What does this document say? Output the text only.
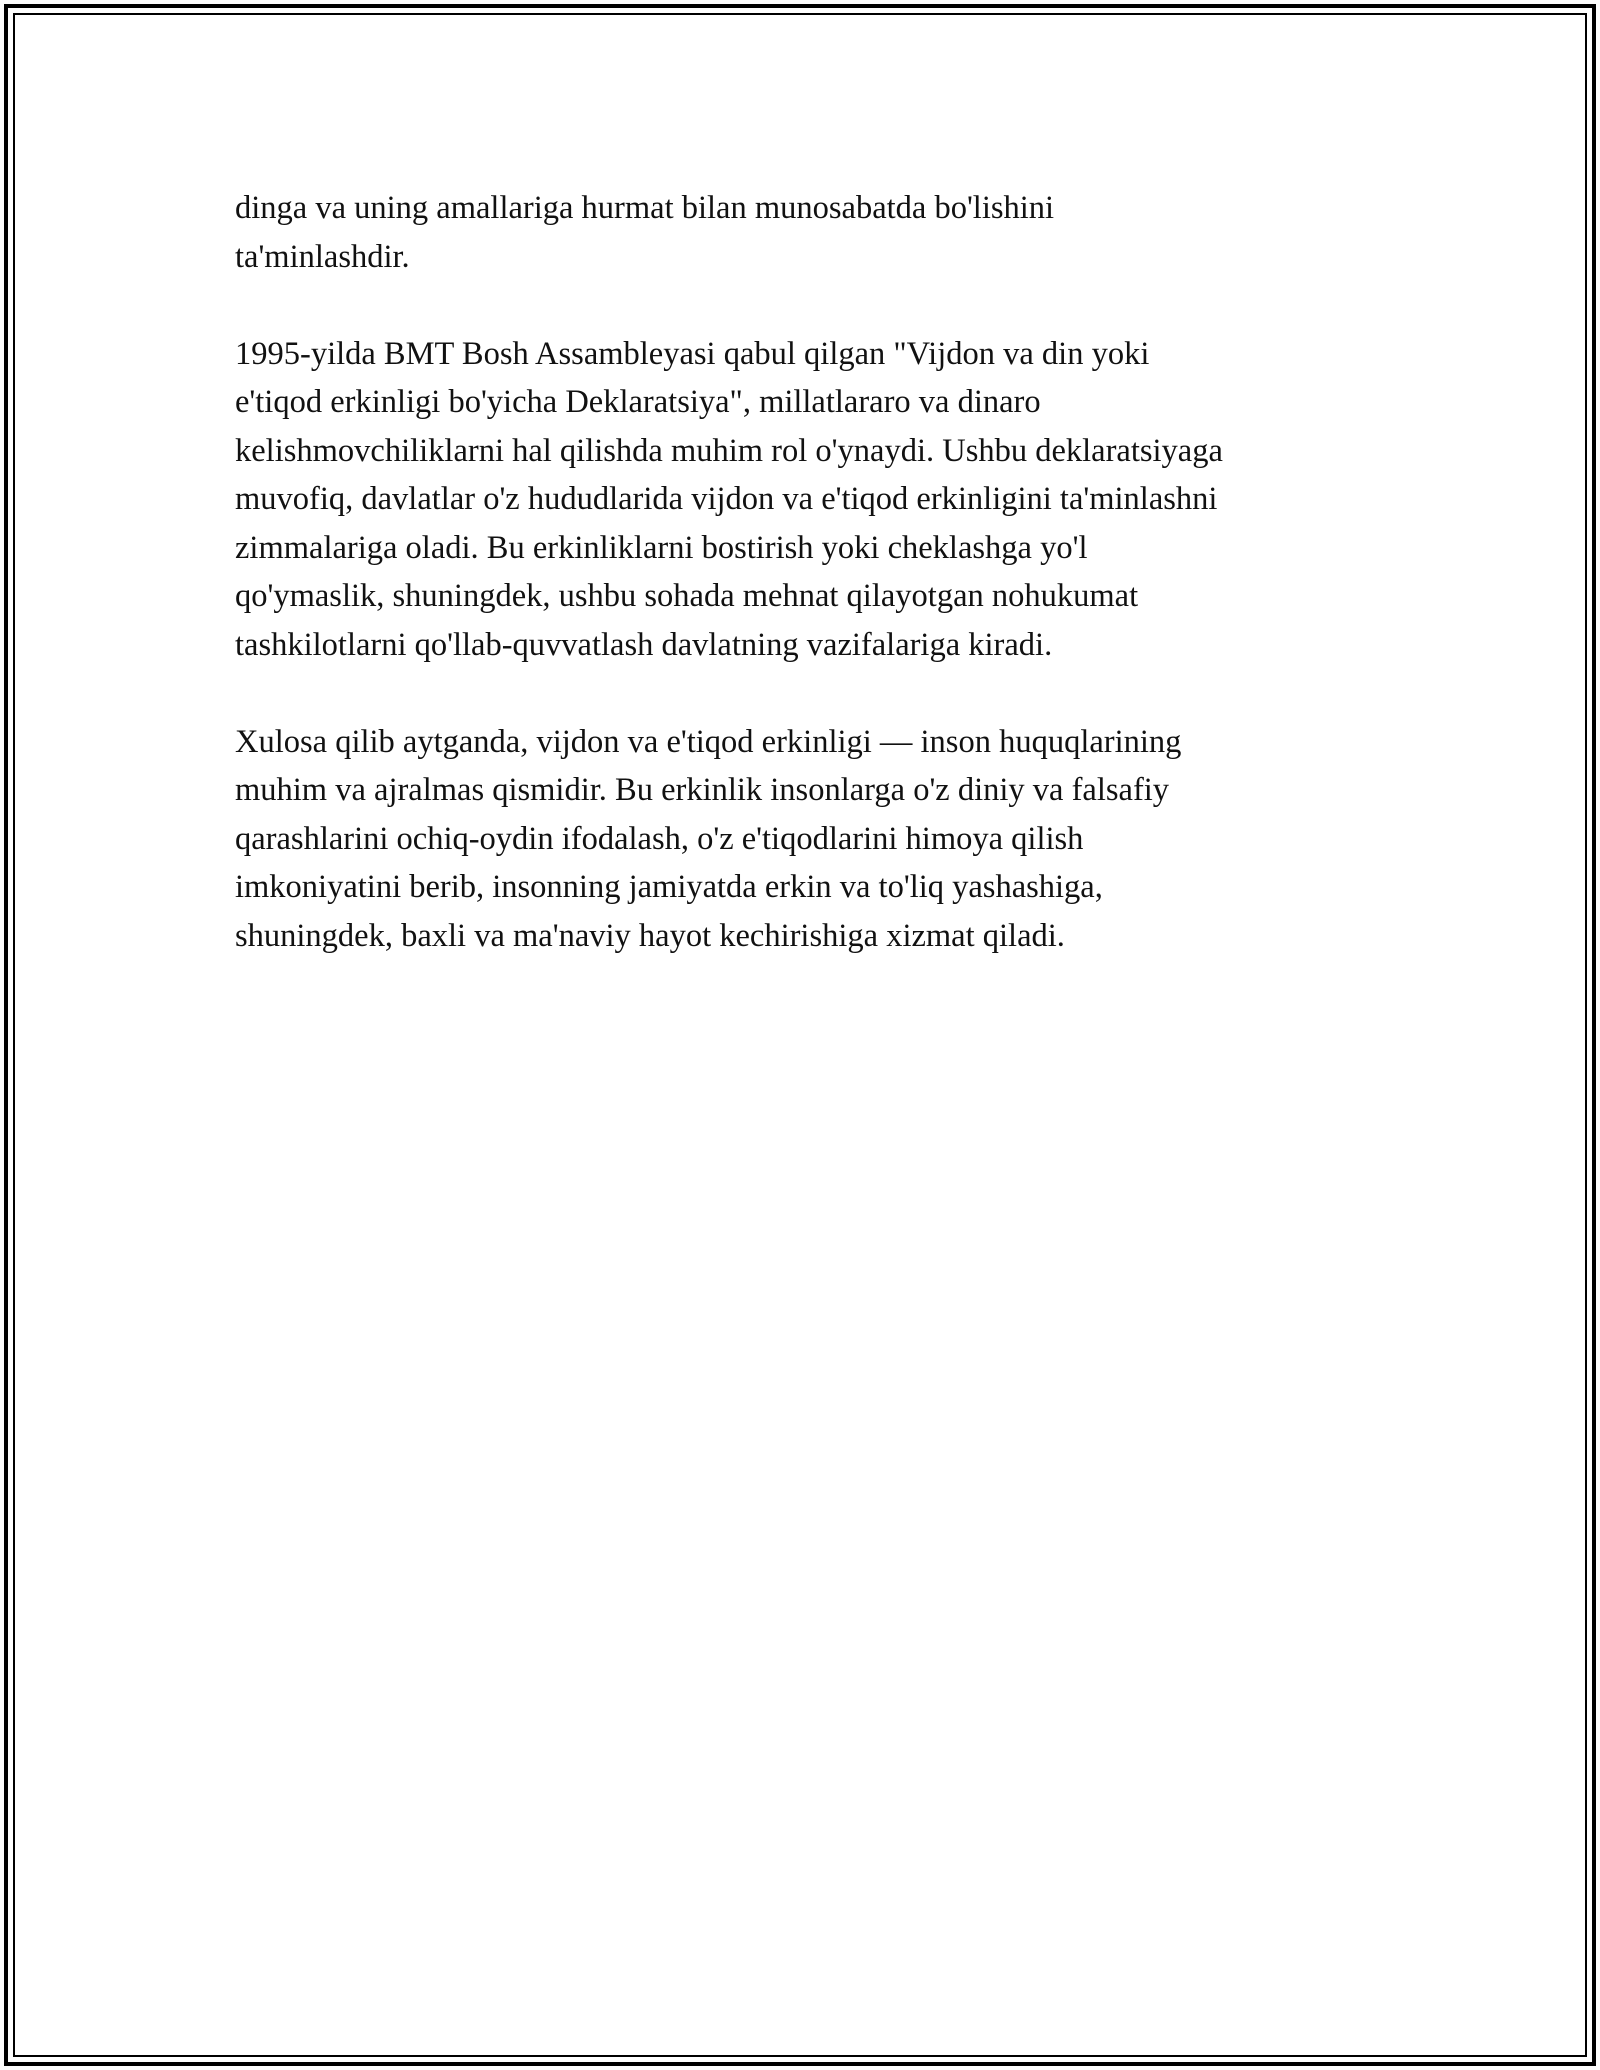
dinga va uning amallariga hurmat bilan munosabatda bo'lishini
ta'minlashdir.

1995-yilda BMT Bosh Assambleyasi qabul qilgan "Vijdon va din yoki
e'tiqod erkinligi bo'yicha Deklaratsiya", millatlararo va dinaro
kelishmovchiliklarni hal qilishda muhim rol o'ynaydi. Ushbu deklaratsiyaga
muvofiq, davlatlar o'z hududlarida vijdon va e'tiqod erkinligini ta'minlashni
zimmalariga oladi. Bu erkinliklarni bostirish yoki cheklashga yo'l
qo'ymaslik, shuningdek, ushbu sohada mehnat qilayotgan nohukumat
tashkilotlarni qo'llab-quvvatlash davlatning vazifalariga kiradi.

Xulosa qilib aytganda, vijdon va e'tiqod erkinligi — inson huquqlarining
muhim va ajralmas qismidir. Bu erkinlik insonlarga o'z diniy va falsafiy
qarashlarini ochiq-oydin ifodalash, o'z e'tiqodlarini himoya qilish
imkoniyatini berib, insonning jamiyatda erkin va to'liq yashashiga,
shuningdek, baxli va ma'naviy hayot kechirishiga xizmat qiladi.
